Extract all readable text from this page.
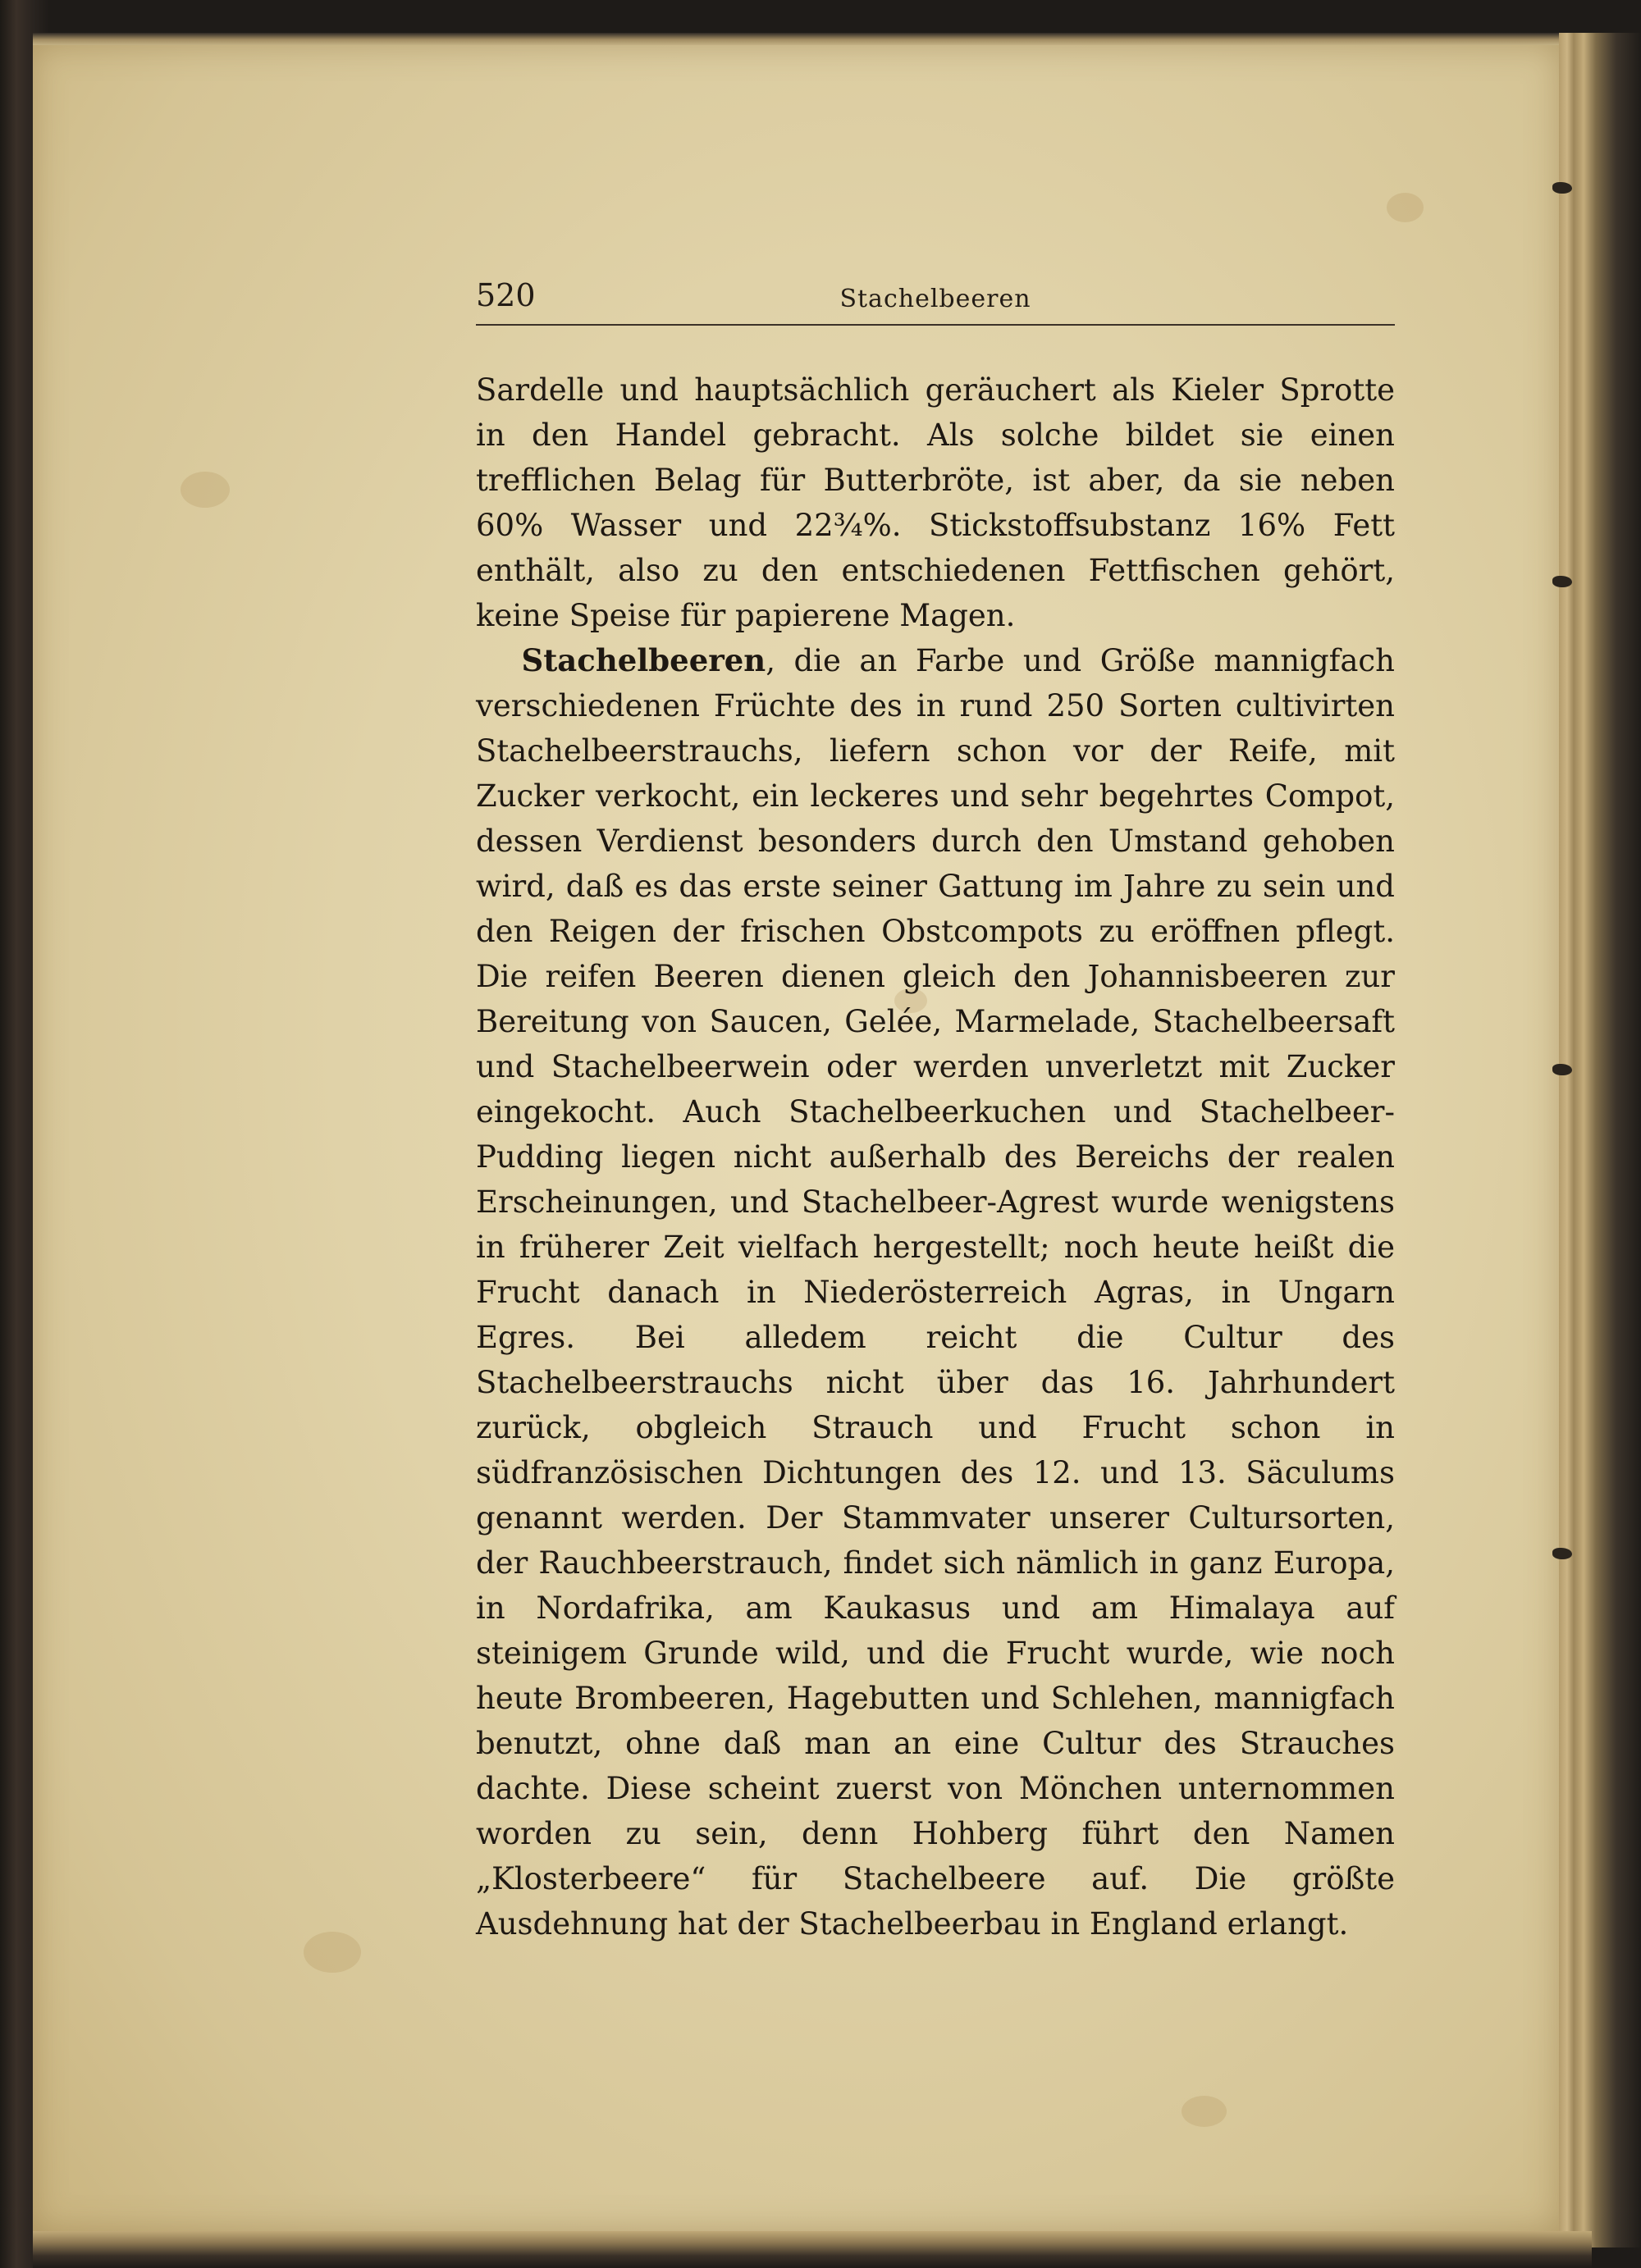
520	Stachelbeeren

Sardelle und hauptsächlich geräuchert als Kieler Sprotte in den Handel gebracht. Als solche bildet sie einen trefflichen Belag für Butterbröte, ist aber, da sie neben 60% Wasser und 22¾%. Stickstoffsubstanz 16% Fett enthält, also zu den entschiedenen Fettfischen gehört, keine Speise für papierene Magen.

Stachelbeeren, die an Farbe und Größe mannigfach verschiedenen Früchte des in rund 250 Sorten cultivirten Stachelbeerstrauchs, liefern schon vor der Reife, mit Zucker verkocht, ein leckeres und sehr begehrtes Compot, dessen Verdienst besonders durch den Umstand gehoben wird, daß es das erste seiner Gattung im Jahre zu sein und den Reigen der frischen Obstcompots zu eröffnen pflegt. Die reifen Beeren dienen gleich den Johannisbeeren zur Bereitung von Saucen, Gelée, Marmelade, Stachelbeersaft und Stachelbeerwein oder werden unverletzt mit Zucker eingekocht. Auch Stachelbeerkuchen und Stachelbeer-Pudding liegen nicht außerhalb des Bereichs der realen Erscheinungen, und Stachelbeer-Agrest wurde wenigstens in früherer Zeit vielfach hergestellt; noch heute heißt die Frucht danach in Niederösterreich Agras, in Ungarn Egres. Bei alledem reicht die Cultur des Stachelbeerstrauchs nicht über das 16. Jahrhundert zurück, obgleich Strauch und Frucht schon in südfranzösischen Dichtungen des 12. und 13. Säculums genannt werden. Der Stammvater unserer Cultursorten, der Rauchbeerstrauch, findet sich nämlich in ganz Europa, in Nordafrika, am Kaukasus und am Himalaya auf steinigem Grunde wild, und die Frucht wurde, wie noch heute Brombeeren, Hagebutten und Schlehen, mannigfach benutzt, ohne daß man an eine Cultur des Strauches dachte. Diese scheint zuerst von Mönchen unternommen worden zu sein, denn Hohberg führt den Namen „Klosterbeere“ für Stachelbeere auf. Die größte Ausdehnung hat der Stachelbeerbau in England erlangt.
